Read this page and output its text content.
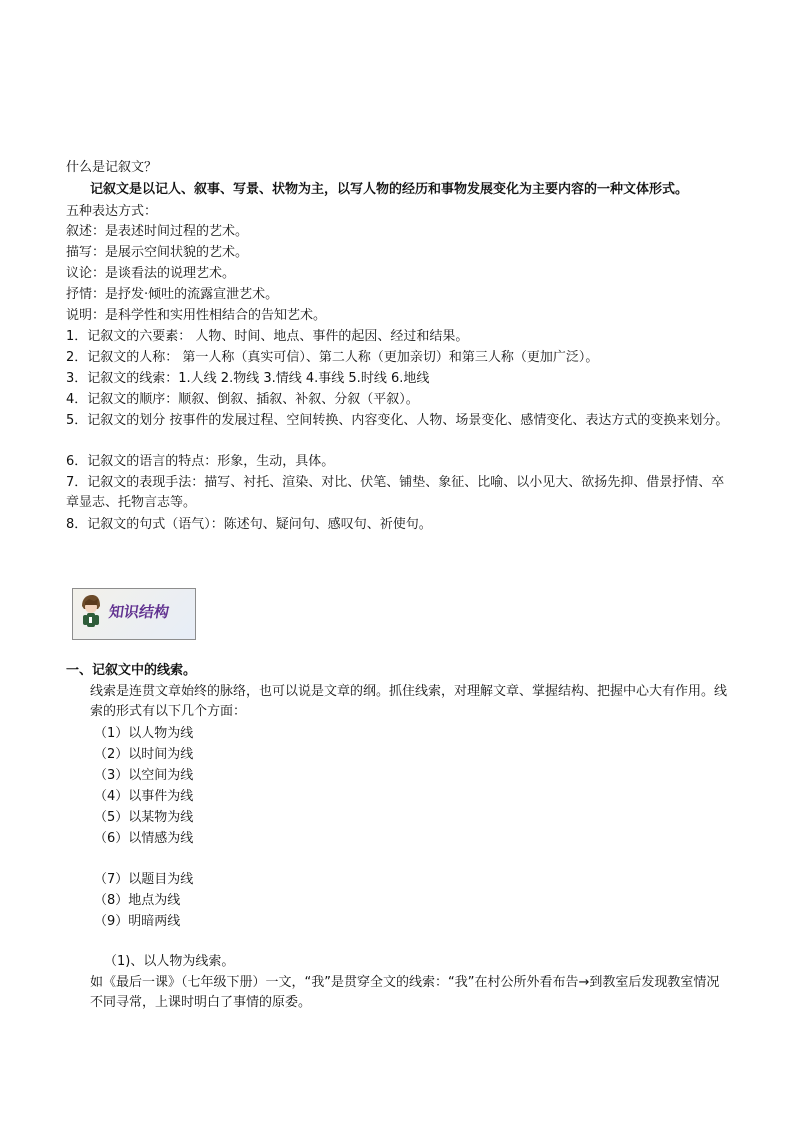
什么是记叙文？
记叙文是以记人、叙事、写景、状物为主，以写人物的经历和事物发展变化为主要内容的一种文体形式。
五种表达方式：
叙述：是表述时间过程的艺术。
描写：是展示空间状貌的艺术。
议论：是谈看法的说理艺术。
抒情：是抒发·倾吐的流露宣泄艺术。
说明：是科学性和实用性相结合的告知艺术。
1．记叙文的六要素： 人物、时间、地点、事件的起因、经过和结果。
2．记叙文的人称： 第一人称（真实可信）、第二人称（更加亲切）和第三人称（更加广泛）。
3．记叙文的线索：1.人线 2.物线 3.情线 4.事线 5.时线 6.地线
4．记叙文的顺序：顺叙、倒叙、插叙、补叙、分叙（平叙）。
5．记叙文的划分 按事件的发展过程、空间转换、内容变化、人物、场景变化、感情变化、表达方式的变换来划分。
6．记叙文的语言的特点：形象，生动，具体。
7．记叙文的表现手法：描写、衬托、渲染、对比、伏笔、铺垫、象征、比喻、以小见大、欲扬先抑、借景抒情、卒章显志、托物言志等。
8．记叙文的句式（语气）：陈述句、疑问句、感叹句、祈使句。
知识结构
一、记叙文中的线索。
线索是连贯文章始终的脉络，也可以说是文章的纲。抓住线索，对理解文章、掌握结构、把握中心大有作用。线索的形式有以下几个方面：
（1）以人物为线
（2）以时间为线
（3）以空间为线
（4）以事件为线
（5）以某物为线
（6）以情感为线
（7）以题目为线
（8）地点为线
（9）明暗两线
（1)、以人物为线索。
如《最后一课》（七年级下册）一文，“我”是贯穿全文的线索：“我”在村公所外看布告→到教室后发现教室情况不同寻常，上课时明白了事情的原委。
